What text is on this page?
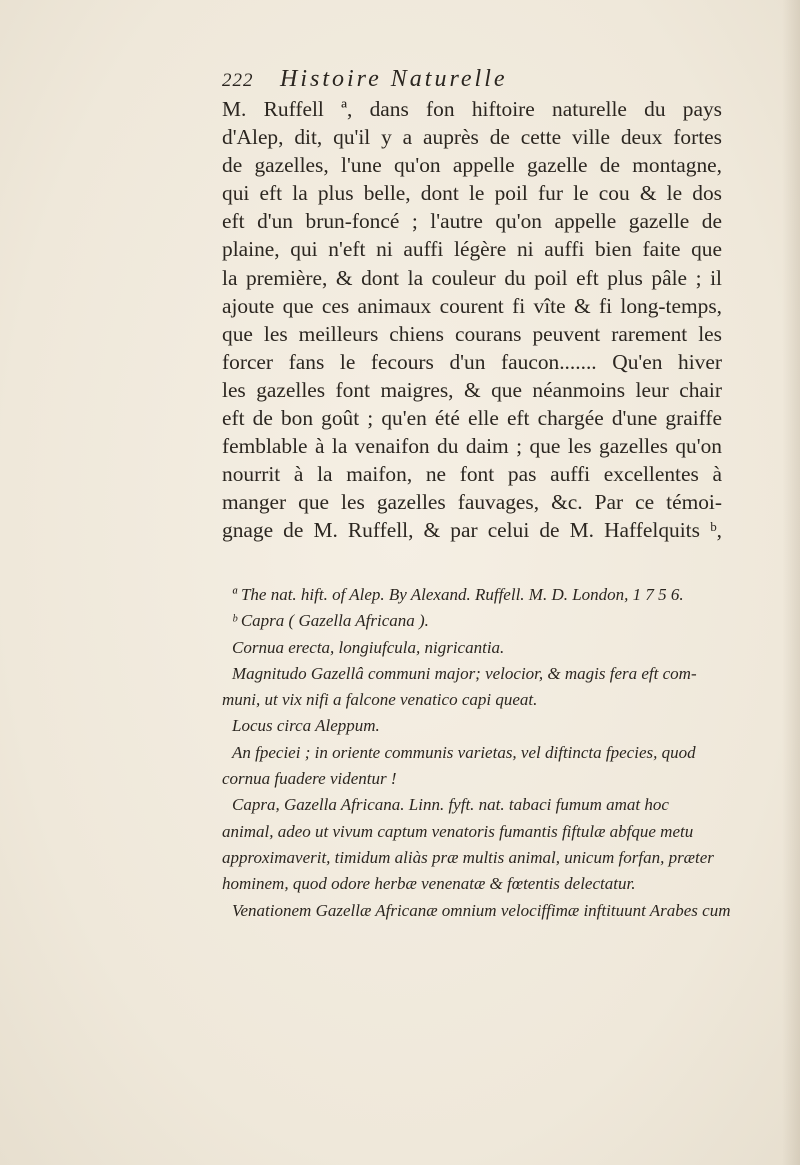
222 Histoire Naturelle
M. Ruffell ª, dans fon hiftoire naturelle du pays
d'Alep, dit, qu'il y a auprès de cette ville deux fortes
de gazelles, l'une qu'on appelle gazelle de montagne,
qui eft la plus belle, dont le poil fur le cou & le dos
eft d'un brun-foncé ; l'autre qu'on appelle gazelle de
plaine, qui n'eft ni auffi légère ni auffi bien faite que
la première, & dont la couleur du poil eft plus pâle ; il
ajoute que ces animaux courent fi vîte & fi long-temps,
que les meilleurs chiens courans peuvent rarement les
forcer fans le fecours d'un faucon....... Qu'en hiver
les gazelles font maigres, & que néanmoins leur chair
eft de bon goût ; qu'en été elle eft chargée d'une graiffe
femblable à la venaifon du daim ; que les gazelles qu'on
nourrit à la maifon, ne font pas auffi excellentes à
manger que les gazelles fauvages, &c. Par ce témoi-
gnage de M. Ruffell, & par celui de M. Haffelquits ᵇ,
ª The nat. hift. of Alep. By Alexand. Ruffell. M. D. London, 1 7 5 6.
ᵇ Capra ( Gazella Africana ).
Cornua erecta, longiufcula, nigricantia.
Magnitudo Gazellâ communi major; velocior, & magis fera eft com-
muni, ut vix nifi a falcone venatico capi queat.
Locus circa Aleppum.
An fpeciei ; in oriente communis varietas, vel diftincta fpecies, quod
cornua fuadere videntur !
Capra, Gazella Africana. Linn. fyft. nat. tabaci fumum amat hoc
animal, adeo ut vivum captum venatoris fumantis fiftulæ abfque metu
approximaverit, timidum aliàs præ multis animal, unicum forfan, præter
hominem, quod odore herbæ venenatæ & fœtentis delectatur.
Venationem Gazellæ Africanæ omnium velociffimæ inftituunt Arabes cum
